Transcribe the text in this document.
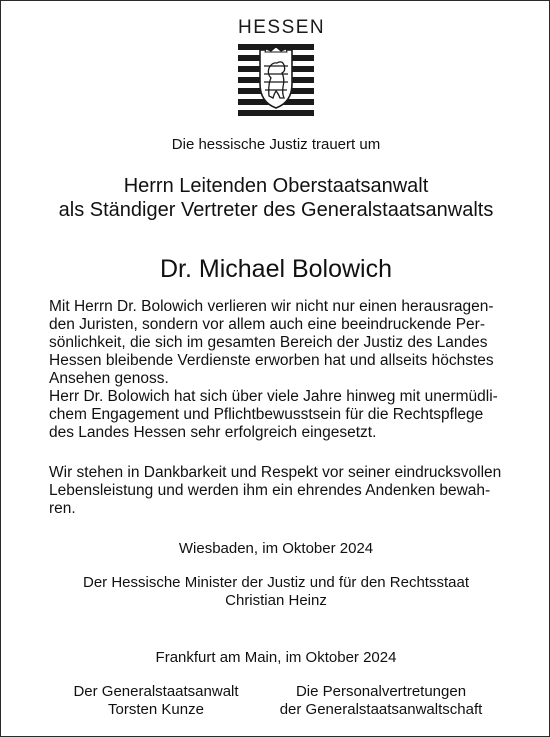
HESSEN
Die hessische Justiz trauert um
Herrn Leitenden Oberstaatsanwalt
als Ständiger Vertreter des Generalstaatsanwalts
Dr. Michael Bolowich
Mit Herrn Dr. Bolowich verlieren wir nicht nur einen herausragen-
den Juristen, sondern vor allem auch eine beeindruckende Per-
sönlichkeit, die sich im gesamten Bereich der Justiz des Landes
Hessen bleibende Verdienste erworben hat und allseits höchstes
Ansehen genoss.
Herr Dr. Bolowich hat sich über viele Jahre hinweg mit unermüdli-
chem Engagement und Pflichtbewusstsein für die Rechtspflege
des Landes Hessen sehr erfolgreich eingesetzt.
Wir stehen in Dankbarkeit und Respekt vor seiner eindrucksvollen
Lebensleistung und werden ihm ein ehrendes Andenken bewah-
ren.
Wiesbaden, im Oktober 2024
Der Hessische Minister der Justiz und für den Rechtsstaat
Christian Heinz
Frankfurt am Main, im Oktober 2024
Der Generalstaatsanwalt
Torsten Kunze
Die Personalvertretungen
der Generalstaatsanwaltschaft
